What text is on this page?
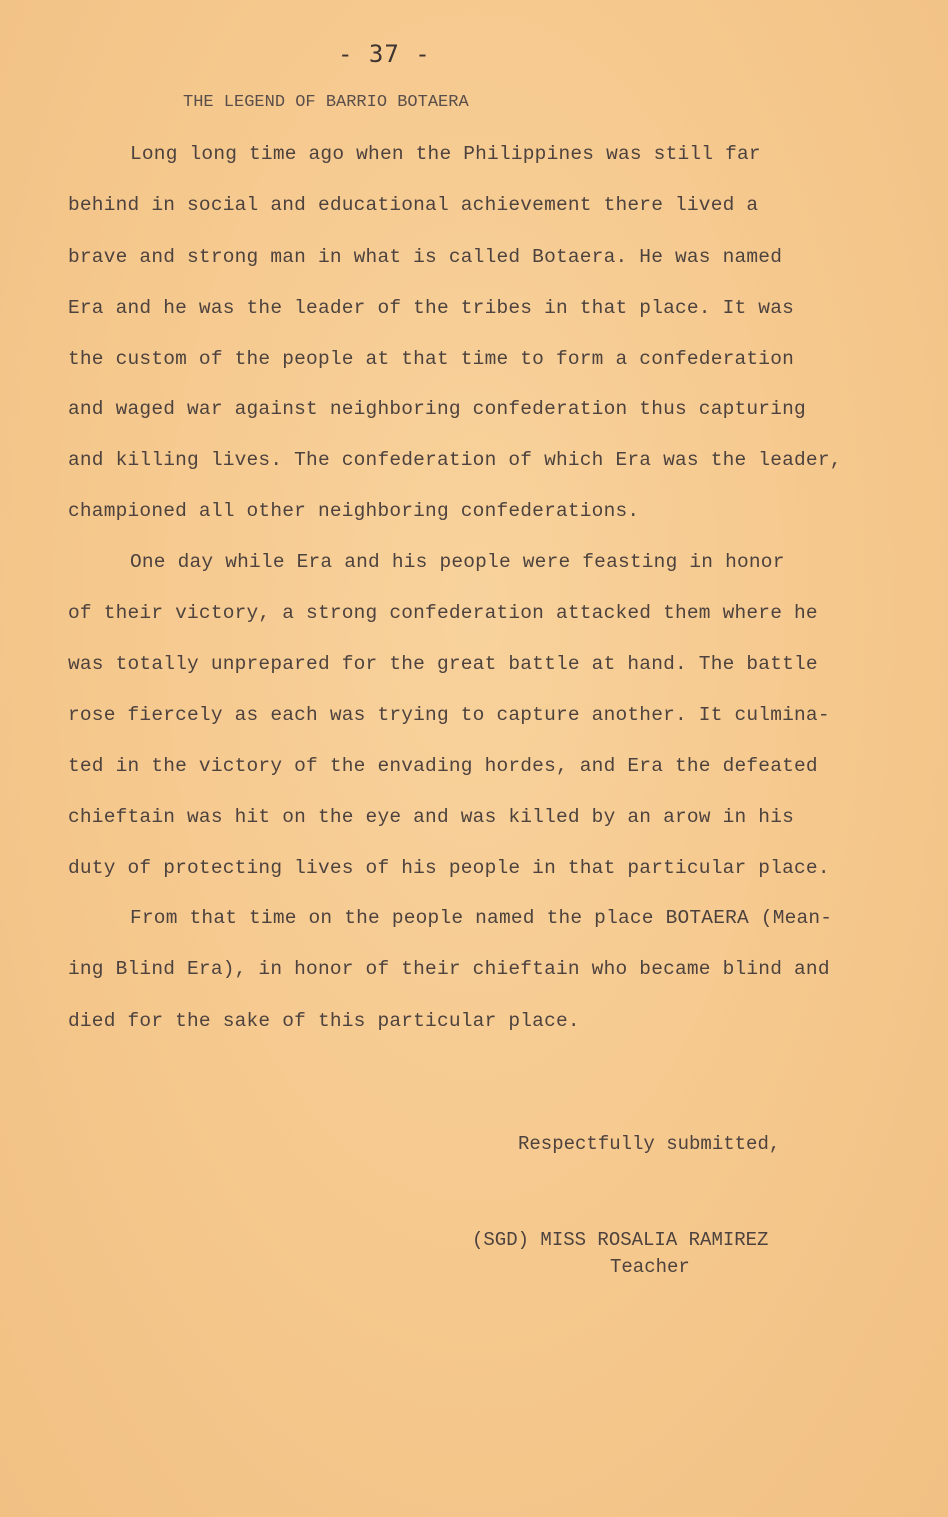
- 37 -
THE LEGEND OF BARRIO BOTAERA
Long long time ago when the Philippines was still far
behind in social and educational achievement there lived a
brave and strong man in what is called Botaera. He was named
Era and he was the leader of the tribes in that place. It was
the custom of the people at that time to form a confederation
and waged war against neighboring confederation thus capturing
and killing lives. The confederation of which Era was the leader,
championed all other neighboring confederations.
One day while Era and his people were feasting in honor
of their victory, a strong confederation attacked them where he
was totally unprepared for the great battle at hand. The battle
rose fiercely as each was trying to capture another. It culmina-
ted in the victory of the envading hordes, and Era the defeated
chieftain was hit on the eye and was killed by an arow in his
duty of protecting lives of his people in that particular place.
From that time on the people named the place BOTAERA (Mean-
ing Blind Era), in honor of their chieftain who became blind and
died for the sake of this particular place.
Respectfully submitted,
(SGD) MISS ROSALIA RAMIREZ
Teacher
